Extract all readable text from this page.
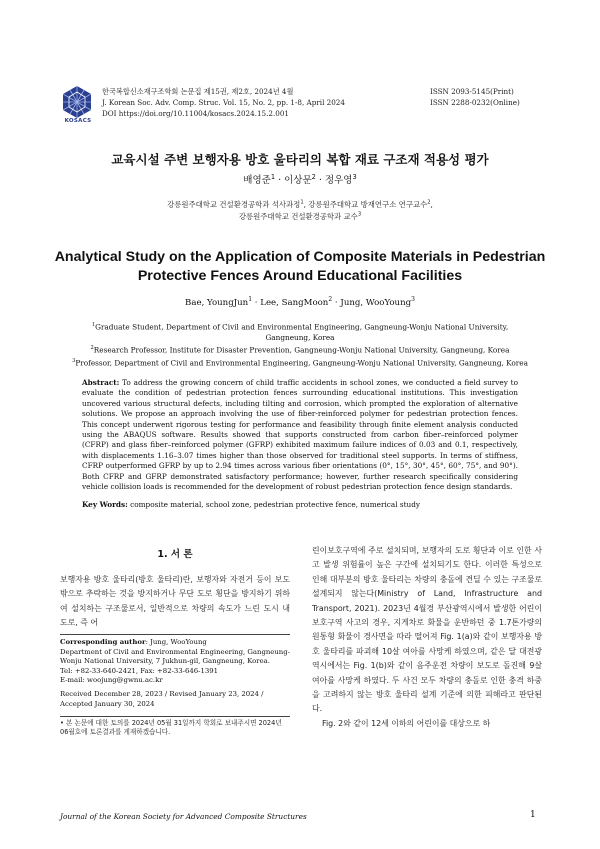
KOSACS
한국복합신소재구조학회 논문집 제15권, 제2호, 2024년 4월
J. Korean Soc. Adv. Comp. Struc. Vol. 15, No. 2, pp. 1-8, April 2024
DOI https://doi.org/10.11004/kosacs.2024.15.2.001
ISSN 2093-5145(Print)
ISSN 2288-0232(Online)
교육시설 주변 보행자용 방호 울타리의 복합 재료 구조재 적용성 평가
배영준$^1$ · 이상문$^2$ · 정우영$^3$
강릉원주대학교 건설환경공학과 석사과정$^1$, 강릉원주대학교 방재연구소 연구교수$^2$,
강릉원주대학교 건설환경공학과 교수$^3$
Analytical Study on the Application of Composite Materials in Pedestrian
Protective Fences Around Educational Facilities
Bae, YoungJun$^1$ · Lee, SangMoon$^2$ · Jung, WooYoung$^3$
$^1$Graduate Student, Department of Civil and Environmental Engineering, Gangneung-Wonju National University,
Gangneung, Korea
$^2$Research Professor, Institute for Disaster Prevention, Gangneung-Wonju National University, Gangneung, Korea
$^3$Professor, Department of Civil and Environmental Engineering, Gangneung-Wonju National University, Gangneung, Korea
Abstract: To address the growing concern of child traffic accidents in school zones, we conducted a field survey to evaluate the condition of pedestrian protection fences surrounding educational institutions. This investigation uncovered various structural defects, including tilting and corrosion, which prompted the exploration of alternative solutions. We propose an approach involving the use of fiber-reinforced polymer for pedestrian protection fences. This concept underwent rigorous testing for performance and feasibility through finite element analysis conducted using the ABAQUS software. Results showed that supports constructed from carbon fiber–reinforced polymer (CFRP) and glass fiber–reinforced polymer (GFRP) exhibited maximum failure indices of 0.03 and 0.1, respectively, with displacements 1.16–3.07 times higher than those observed for traditional steel supports. In terms of stiffness, CFRP outperformed GFRP by up to 2.94 times across various fiber orientations (0°, 15°, 30°, 45°, 60°, 75°, and 90°). Both CFRP and GFRP demonstrated satisfactory performance; however, further research specifically considering vehicle collision loads is recommended for the development of robust pedestrian protection fence design standards.
Key Words: composite material, school zone, pedestrian protective fence, numerical study
1. 서 론
보행자용 방호 울타리(방호 울타리)란, 보행자와 자전거 등이 보도 밖으로 추락하는 것을 방지하거나 무단 도로 횡단을 방지하기 위하여 설치하는 구조물로서, 일반적으로 차량의 속도가 느린 도시 내 도로, 즉 어
Corresponding author: Jung, WooYoung
Department of Civil and Environmental Engineering, Gangneung-Wonju National University, 7 Jukhun-gil, Gangneung, Korea.
Tel: +82-33-640-2421, Fax: +82-33-646-1391
E-mail: woojung@gwnu.ac.kr
Received December 28, 2023 / Revised January 23, 2024 / Accepted January 30, 2024
• 본 논문에 대한 토의를 2024년 05월 31일까지 학회로 보내주시면 2024년 06월호에 토론결과를 게재하겠습니다.
린이보호구역에 주로 설치되며, 보행자의 도로 횡단과 이로 인한 사고 발생 위험률이 높은 구간에 설치되기도 한다. 이러한 특성으로 인해 대부분의 방호 울타리는 차량의 충돌에 견딜 수 있는 구조물로 설계되지 않는다(Ministry of Land, Infrastructure and Transport, 2021). 2023년 4월경 부산광역시에서 발생한 어린이보호구역 사고의 경우, 지게차로 화물을 운반하던 중 1.7톤가량의 원통형 화물이 경사면을 따라 떨어져 Fig. 1(a)와 같이 보행자용 방호 울타리를 파괴해 10살 여아를 사망케 하였으며, 같은 달 대전광역시에서는 Fig. 1(b)와 같이 음주운전 차량이 보도로 돌진해 9살 여아를 사망케 하였다. 두 사건 모두 차량의 충돌로 인한 충격 하중을 고려하지 않는 방호 울타리 설계 기준에 의한 피해라고 판단된다.
Fig. 2와 같이 12세 이하의 어린이를 대상으로 하
Journal of the Korean Society for Advanced Composite Structures	1
